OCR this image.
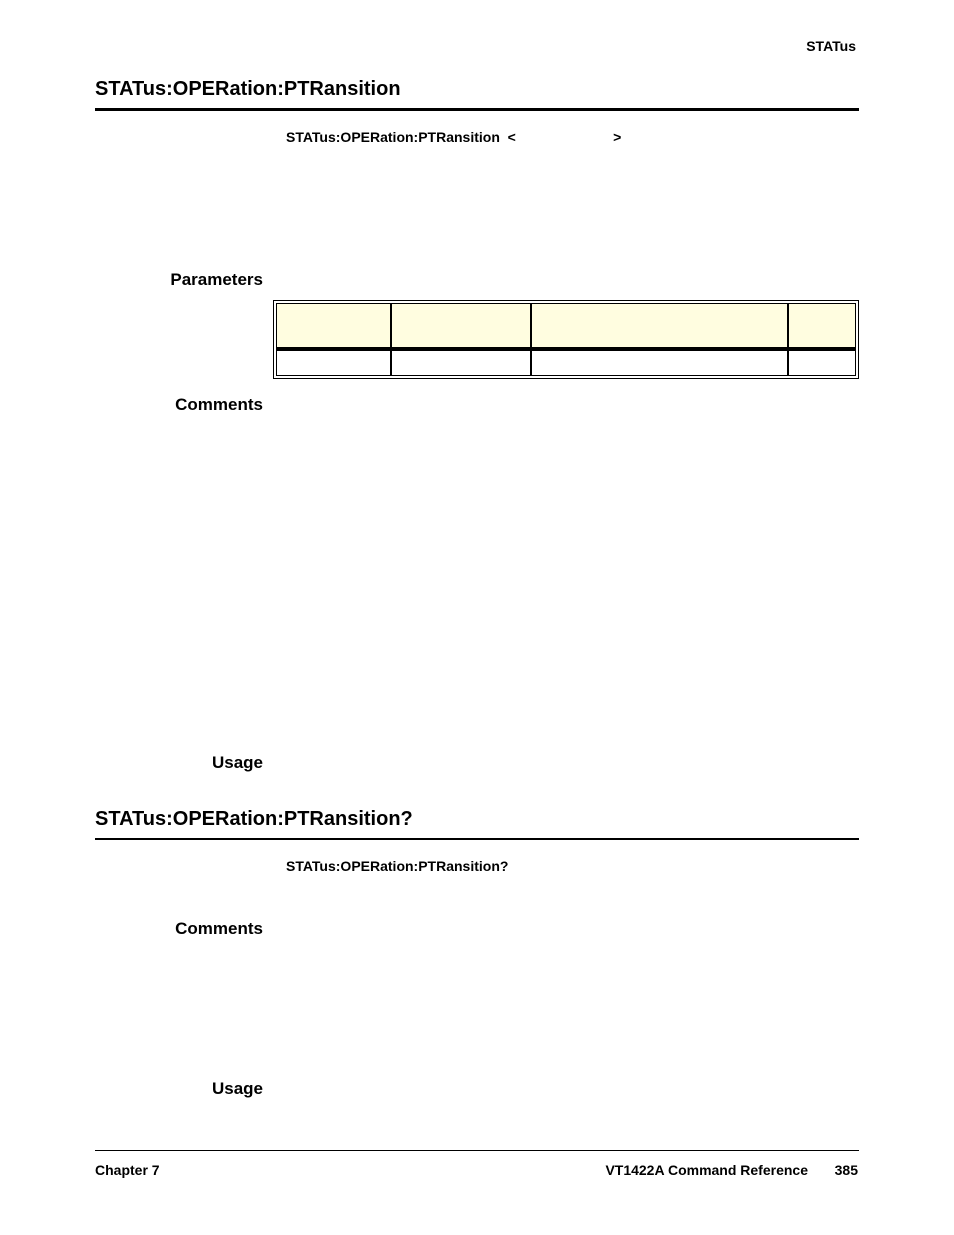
STATus
STATus:OPERation:PTRansition
STATus:OPERation:PTRansition  <                         >
Parameters

Comments
Usage
STATus:OPERation:PTRansition?
STATus:OPERation:PTRansition?
Comments
Usage
Chapter 7	VT1422A Command Reference 385
